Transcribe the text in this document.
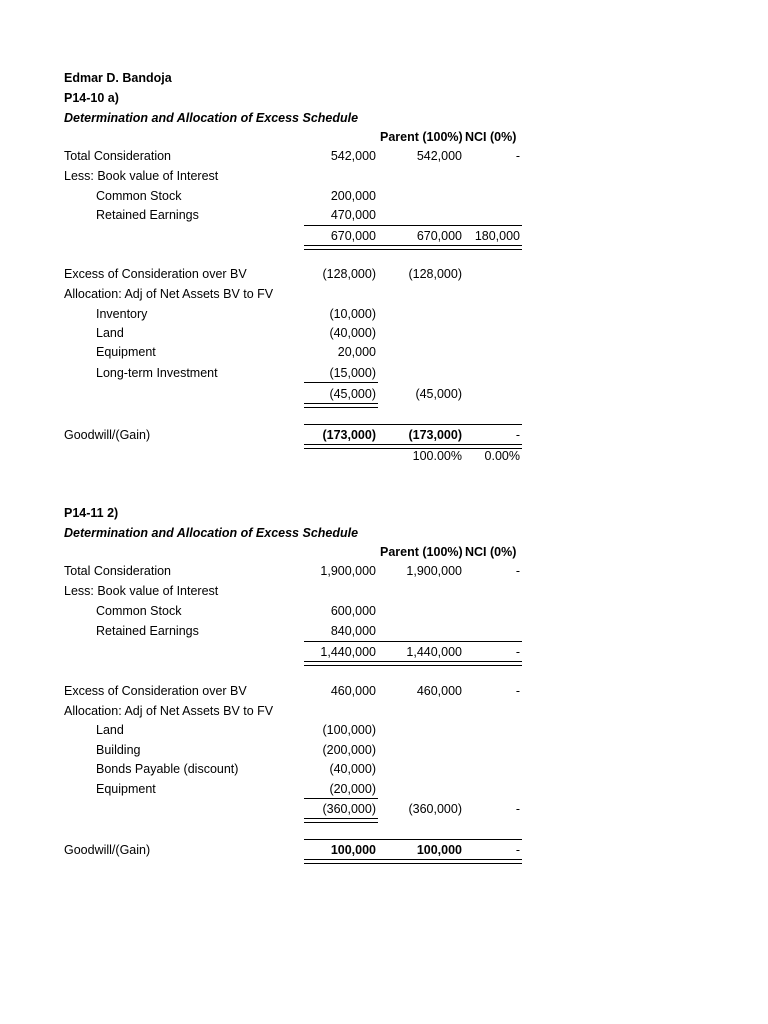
Edmar D. Bandoja
P14-10 a)
Determination and Allocation of Excess Schedule
Parent (100%) NCI (0%)
Total Consideration	542,000	542,000	-
Less: Book value of Interest
Common Stock	200,000
Retained Earnings	470,000
670,000	670,000	180,000
Excess of Consideration over BV	(128,000)	(128,000)
Allocation: Adj of Net Assets BV to FV
Inventory	(10,000)
Land	(40,000)
Equipment	20,000
Long-term Investment	(15,000)
(45,000)	(45,000)
Goodwill/(Gain)	(173,000)	(173,000)	-
100.00%	0.00%
P14-11 2)
Determination and Allocation of Excess Schedule
Parent (100%) NCI (0%)
Total Consideration	1,900,000	1,900,000	-
Less: Book value of Interest
Common Stock	600,000
Retained Earnings	840,000
1,440,000	1,440,000	-
Excess of Consideration over BV	460,000	460,000	-
Allocation: Adj of Net Assets BV to FV
Land	(100,000)
Building	(200,000)
Bonds Payable (discount)	(40,000)
Equipment	(20,000)
(360,000)	(360,000)	-
Goodwill/(Gain)	100,000	100,000	-
